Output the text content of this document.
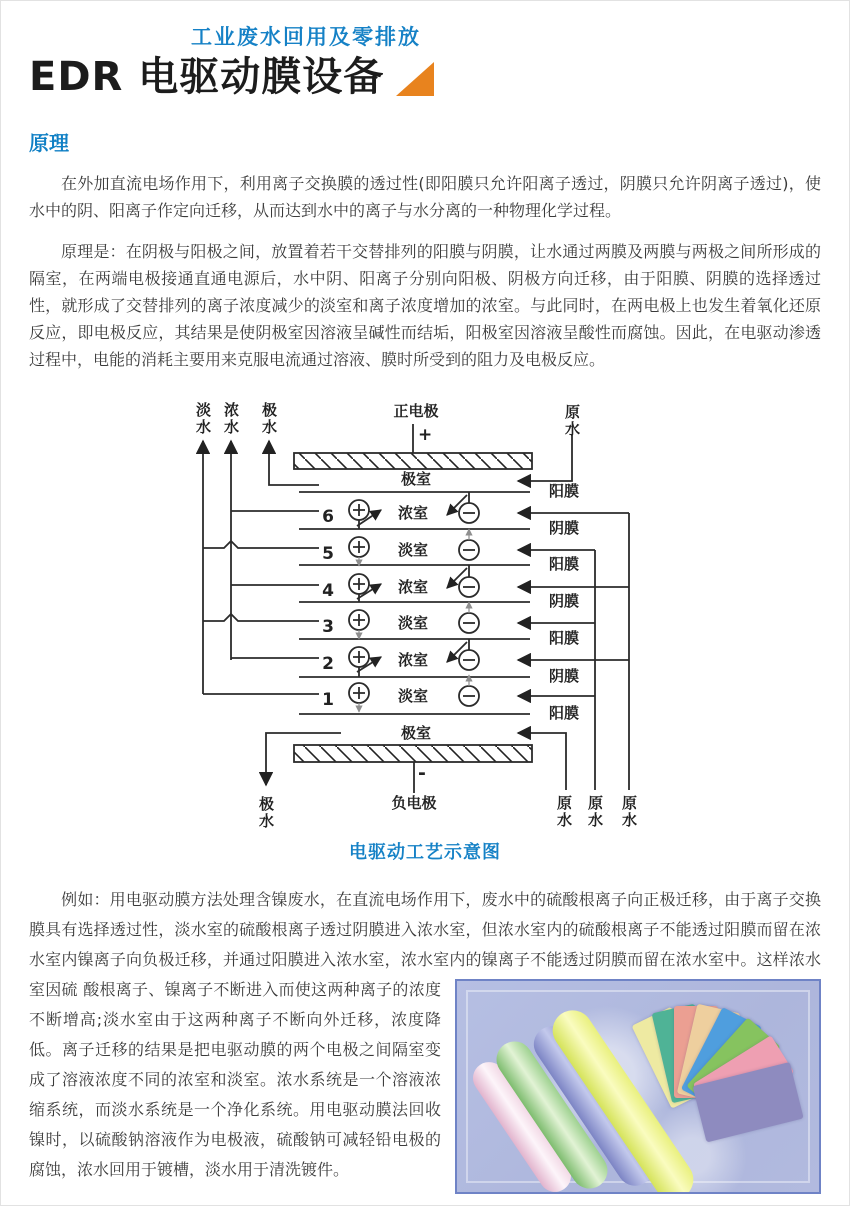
工业废水回用及零排放
EDR 电驱动膜设备
原理
在外加直流电场作用下，利用离子交换膜的透过性(即阳膜只允许阳离子透过，阴膜只允许阴离子透过)，使水中的阴、阳离子作定向迁移，从而达到水中的离子与水分离的一种物理化学过程。
原理是：在阴极与阳极之间，放置着若干交替排列的阳膜与阴膜，让水通过两膜及两膜与两极之间所形成的隔室，在两端电极接通直通电源后，水中阴、阳离子分别向阳极、阴极方向迁移，由于阳膜、阴膜的选择透过性，就形成了交替排列的离子浓度减少的淡室和离子浓度增加的浓室。与此同时，在两电极上也发生着氧化还原反应，即电极反应，其结果是使阴极室因溶液呈碱性而结垢，阳极室因溶液呈酸性而腐蚀。因此，在电驱动渗透过程中，电能的消耗主要用来克服电流通过溶液、膜时所受到的阻力及电极反应。
淡水 浓水 极水	原水
正电极
+
极室
阳膜
阴膜
阳膜
阴膜
阳膜
阴膜
阳膜
6
5
4
3
2
1
浓室
淡室
浓室
淡室
浓室
淡室
极室
-
负电极
极水	原水 原水 原水
电驱动工艺示意图
例如：用电驱动膜方法处理含镍废水，在直流电场作用下，废水中的硫酸根离子向正极迁移，由于离子交换膜具有选择透过性，淡水室的硫酸根离子透过阴膜进入浓水室，但浓水室内的硫酸根离子不能透过阳膜而留在浓水室内镍离子向负极迁移，并通过阳膜进入浓水室，浓水室内的镍离子不能透过阴膜而留在浓水室中。这样浓水室因硫 酸根离子、镍离子不断进入而使这两种离子的浓度不断增高;淡水室由于这两种离子不断向外迁移，浓度降低。离子迁移的结果是把电驱动膜的两个电极之间隔室变成了溶液浓度不同的浓室和淡室。浓水系统是一个溶液浓缩系统，而淡水系统是一个净化系统。用电驱动膜法回收镍时，以硫酸钠溶液作为电极液，硫酸钠可减轻铅电极的腐蚀，浓水回用于镀槽，淡水用于清洗镀件。
